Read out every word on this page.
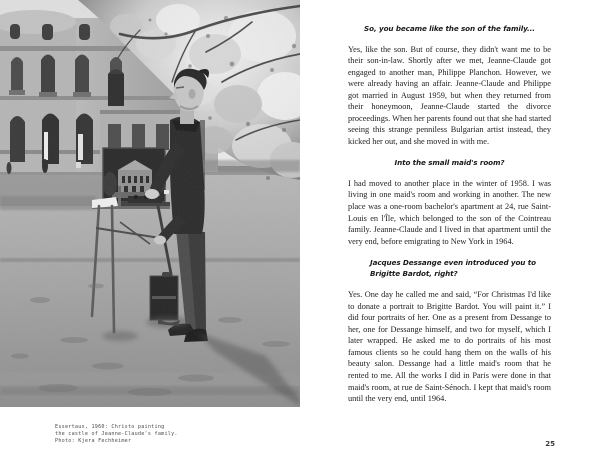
Essertaux, 1960: Christo painting
the castle of Jeanne-Claude's family.
Photo: Kjera Fechheimer

So, you became like the son of the family...

Yes, like the son. But of course, they didn't want me to be their son-in-law. Shortly after we met, Jeanne-Claude got engaged to another man, Philippe Planchon. However, we were already having an affair. Jeanne-Claude and Philippe got married in August 1959, but when they returned from their honeymoon, Jeanne-Claude started the divorce proceedings. When her parents found out that she had started seeing this strange penniless Bulgarian artist instead, they kicked her out, and she moved in with me.

Into the small maid's room?

I had moved to another place in the winter of 1958. I was living in one maid's room and working in another. The new place was a one-room bachelor's apartment at 24, rue Saint-Louis en l'Île, which belonged to the son of the Cointreau family. Jeanne-Claude and I lived in that apartment until the very end, before emigrating to New York in 1964.

Jacques Dessange even introduced you to Brigitte Bardot, right?

Yes. One day he called me and said, “For Christmas I'd like to donate a portrait to Brigitte Bardot. You will paint it.” I did four portraits of her. One as a present from Dessange to her, one for Dessange himself, and two for myself, which I later wrapped. He asked me to do portraits of his most famous clients so he could hang them on the walls of his beauty salon. Dessange had a little maid's room that he rented to me. All the works I did in Paris were done in that maid's room, at rue de Saint-Sénoch. I kept that maid's room until the very end, until 1964.

25
